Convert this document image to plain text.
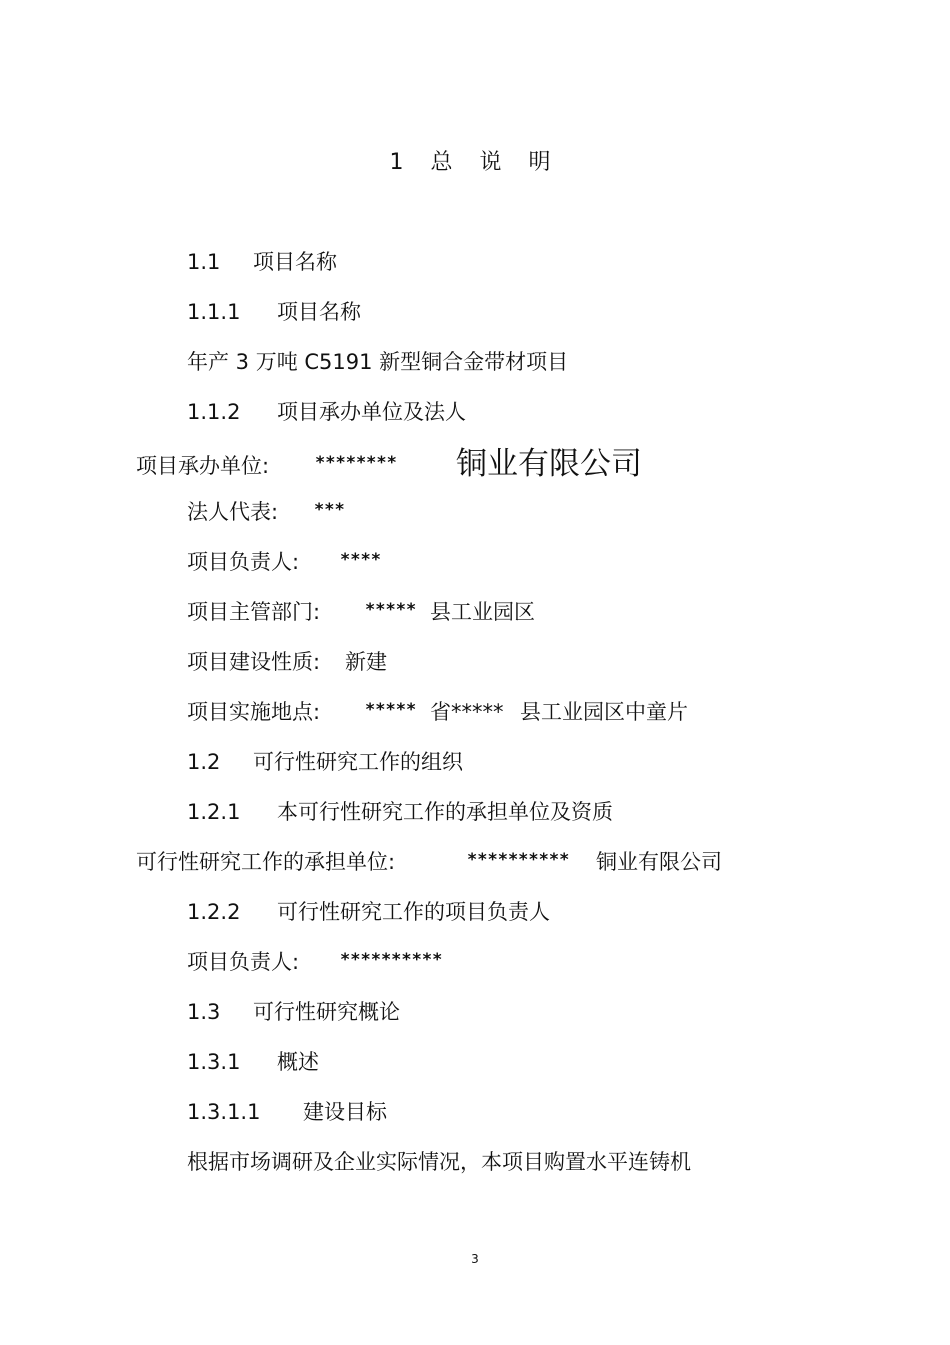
1 总 说 明
1.1 项目名称
1.1.1 项目名称
年产 3 万吨 C5191 新型铜合金带材项目
1.1.2 项目承办单位及法人
项目承办单位:	******** 铜业有限公司
法人代表: ***
项目负责人: ****
项目主管部门:	***** 县工业园区
项目建设性质: 新建
项目实施地点:	***** 省***** 县工业园区中童片
1.2 可行性研究工作的组织
1.2.1 本可行性研究工作的承担单位及资质
可行性研究工作的承担单位:	********** 铜业有限公司
1.2.2 可行性研究工作的项目负责人
项目负责人: **********
1.3 可行性研究概论
1.3.1 概述
1.3.1.1 建设目标
根据市场调研及企业实际情况，本项目购置水平连铸机
3
